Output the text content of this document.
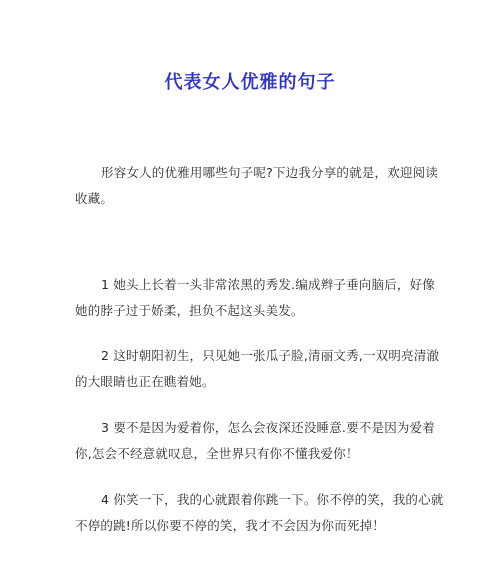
代表女人优雅的句子

形容女人的优雅用哪些句子呢?下边我分享的就是，欢迎阅读收藏。

1 她头上长着一头非常浓黑的秀发.编成辫子垂向脑后，好像她的脖子过于娇柔，担负不起这头美发。

2 这时朝阳初生，只见她一张瓜子脸,清丽文秀,一双明亮清澈的大眼睛也正在瞧着她。

3 要不是因为爱着你，怎么会夜深还没睡意.要不是因为爱着你,怎会不经意就叹息，全世界只有你不懂我爱你！

4 你笑一下，我的心就跟着你跳一下。你不停的笑，我的心就不停的跳!所以你要不停的笑，我才不会因为你而死掉！
